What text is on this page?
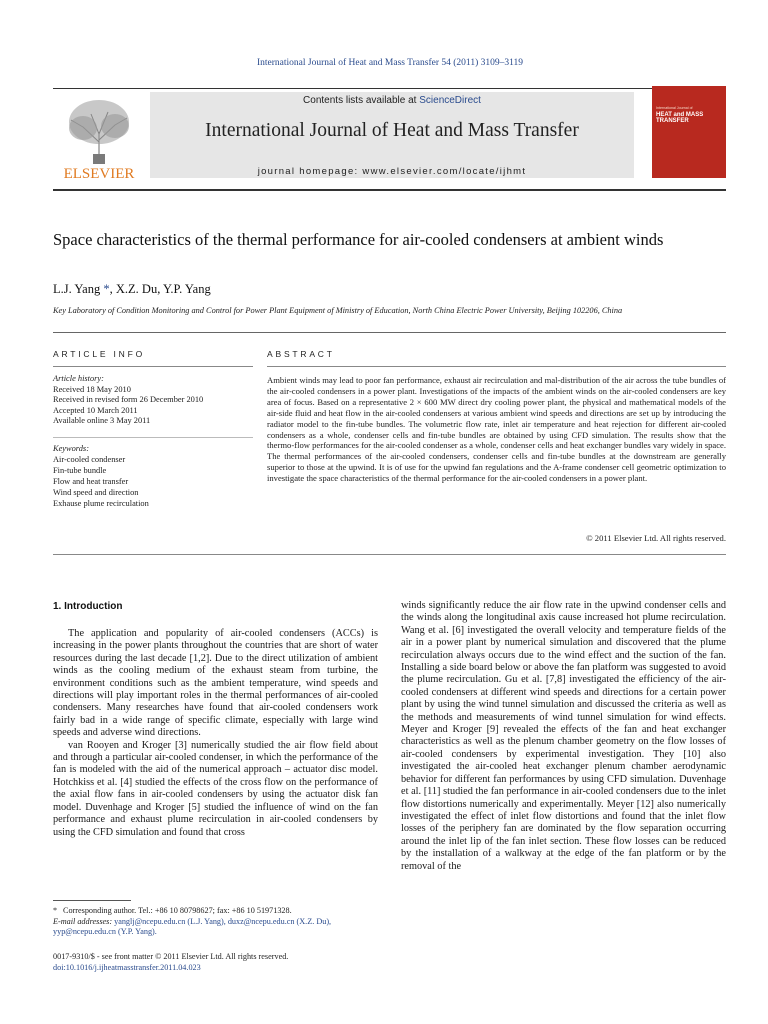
International Journal of Heat and Mass Transfer 54 (2011) 3109–3119
ELSEVIER
Contents lists available at ScienceDirect
International Journal of Heat and Mass Transfer
journal homepage: www.elsevier.com/locate/ijhmt
International Journal of
HEAT and MASS TRANSFER
Space characteristics of the thermal performance for air-cooled condensers at ambient winds
L.J. Yang *, X.Z. Du, Y.P. Yang
Key Laboratory of Condition Monitoring and Control for Power Plant Equipment of Ministry of Education, North China Electric Power University, Beijing 102206, China
ARTICLE INFO	ABSTRACT
Article history:
Received 18 May 2010
Received in revised form 26 December 2010
Accepted 10 March 2011
Available online 3 May 2011
Keywords:
Air-cooled condenser
Fin-tube bundle
Flow and heat transfer
Wind speed and direction
Exhause plume recirculation
Ambient winds may lead to poor fan performance, exhaust air recirculation and mal-distribution of the air across the tube bundles of the air-cooled condensers in a power plant. Investigations of the impacts of the ambient winds on the air-cooled condensers are key area of focus. Based on a representative 2 × 600 MW direct dry cooling power plant, the physical and mathematical models of the air-side fluid and heat flow in the air-cooled condensers at various ambient wind speeds and directions are set up by introducing the radiator model to the fin-tube bundles. The volumetric flow rate, inlet air temperature and heat rejection for different air-cooled condensers as a whole, condenser cells and fin-tube bundles are obtained by using CFD simulation. The results show that the thermo-flow performances for the air-cooled condenser as a whole, condenser cells and heat exchanger bundles vary widely in space. The thermal performances of the air-cooled condensers, condenser cells and fin-tube bundles at the downstream are generally superior to those at the upwind. It is of use for the upwind fan regulations and the A-frame condenser cell geometric optimization to investigate the space characteristics of the thermal performance for the air-cooled condensers in a power plant.
© 2011 Elsevier Ltd. All rights reserved.
1. Introduction

The application and popularity of air-cooled condensers (ACCs) is increasing in the power plants throughout the countries that are short of water resources during the last decade [1,2]. Due to the direct utilization of ambient winds as the cooling medium of the exhaust steam from turbine, the environment conditions such as the ambient temperature, wind speeds and directions will play important roles in the thermal performances of air-cooled condensers. Many researches have found that air-cooled condensers work fairly bad in a wide range of specific climate, especially with large wind speeds and adverse wind directions.

van Rooyen and Kroger [3] numerically studied the air flow field about and through a particular air-cooled condenser, in which the performance of the fan is modeled with the aid of the numerical approach – actuator disc model. Hotchkiss et al. [4] studied the effects of the cross flow on the performance of the axial flow fans in air-cooled condensers by using the actuator disk fan model. Duvenhage and Kroger [5] studied the influence of wind on the fan performance and exhaust plume recirculation in air-cooled condensers by using the CFD simulation and found that cross

winds significantly reduce the air flow rate in the upwind condenser cells and the winds along the longitudinal axis cause increased hot plume recirculation. Wang et al. [6] investigated the overall velocity and temperature fields of the air in a power plant by numerical simulation and discovered that the plume recirculation always occurs due to the wind effect and the suction of the fan. Installing a side board below or above the fan platform was suggested to avoid the plume recirculation. Gu et al. [7,8] investigated the efficiency of the air-cooled condensers at different wind speeds and directions for a certain power plant by using the wind tunnel simulation and discussed the criteria as well as the methods and measurements of wind tunnel simulation for wind effects. Meyer and Kroger [9] revealed the effects of the fan and heat exchanger characteristics as well as the plenum chamber geometry on the flow losses of air-cooled condensers by experimental investigation. They [10] also investigated the air-cooled heat exchanger plenum chamber aerodynamic behavior for different fan performances by using CFD simulation. Duvenhage et al. [11] studied the fan performance in air-cooled condensers due to the inlet flow distortions numerically and experimentally. Meyer [12] also numerically investigated the effect of inlet flow distortions and found that the inlet flow losses of the periphery fan are dominated by the flow separation occurring around the inlet lip of the fan inlet section. These flow losses can be reduced by the installation of a walkway at the edge of the fan platform or by the removal of the

* Corresponding author. Tel.: +86 10 80798627; fax: +86 10 51971328.
E-mail addresses: yanglj@ncepu.edu.cn (L.J. Yang), duxz@ncepu.edu.cn (X.Z. Du), yyp@ncepu.edu.cn (Y.P. Yang).
0017-9310/$ - see front matter © 2011 Elsevier Ltd. All rights reserved.
doi:10.1016/j.ijheatmasstransfer.2011.04.023
